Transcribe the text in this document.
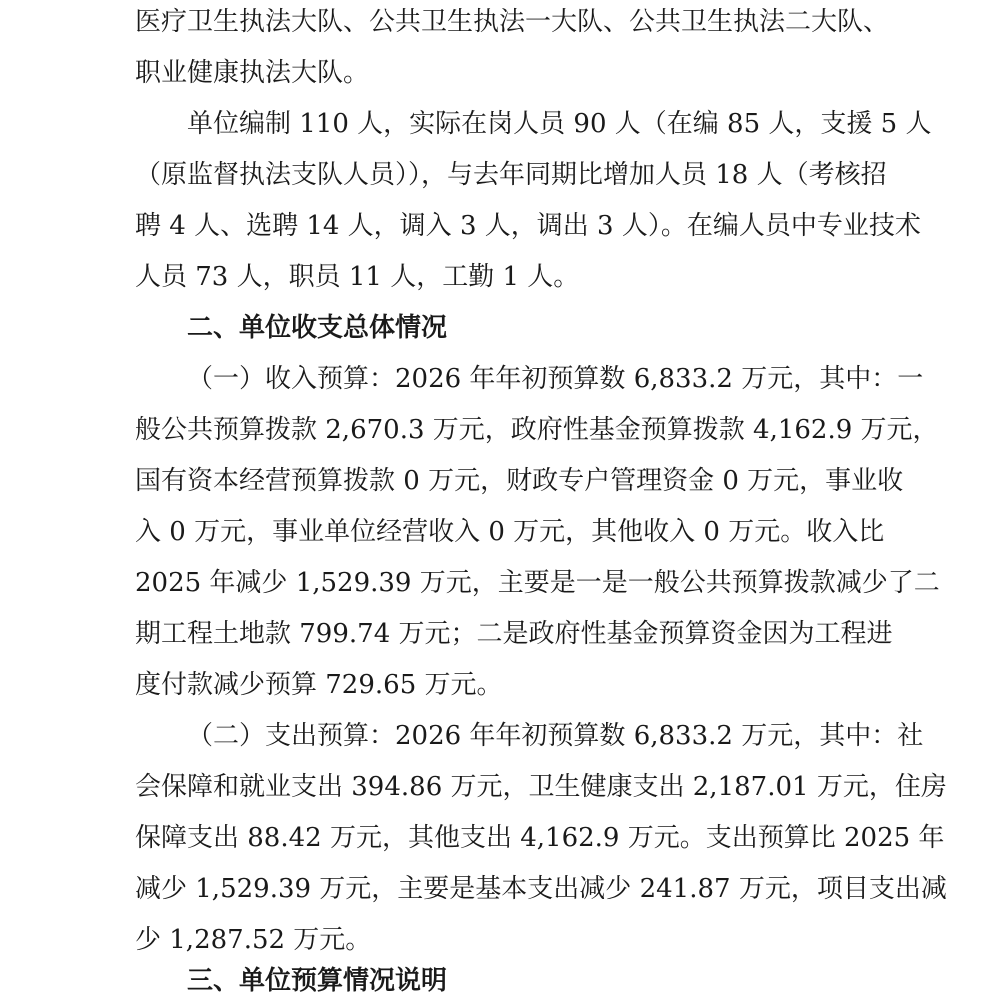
医疗卫生执法大队、公共卫生执法一大队、公共卫生执法二大队、

职业健康执法大队。

单位编制 110 人，实际在岗人员 90 人（在编 85 人，支援 5 人

（原监督执法支队人员）），与去年同期比增加人员 18 人（考核招

聘 4 人、选聘 14 人，调入 3 人，调出 3 人）。在编人员中专业技术

人员 73 人，职员 11 人，工勤 1 人。

二、单位收支总体情况

（一）收入预算：2026 年年初预算数 6,833.2 万元，其中：一

般公共预算拨款 2,670.3 万元，政府性基金预算拨款 4,162.9 万元，

国有资本经营预算拨款 0 万元，财政专户管理资金 0 万元，事业收

入 0 万元，事业单位经营收入 0 万元，其他收入 0 万元。收入比

2025 年减少 1,529.39 万元，主要是一是一般公共预算拨款减少了二

期工程土地款 799.74 万元；二是政府性基金预算资金因为工程进

度付款减少预算 729.65 万元。

（二）支出预算：2026 年年初预算数 6,833.2 万元，其中：社

会保障和就业支出 394.86 万元，卫生健康支出 2,187.01 万元，住房

保障支出 88.42 万元，其他支出 4,162.9 万元。支出预算比 2025 年

减少 1,529.39 万元，主要是基本支出减少 241.87 万元，项目支出减

少 1,287.52 万元。

三、单位预算情况说明
